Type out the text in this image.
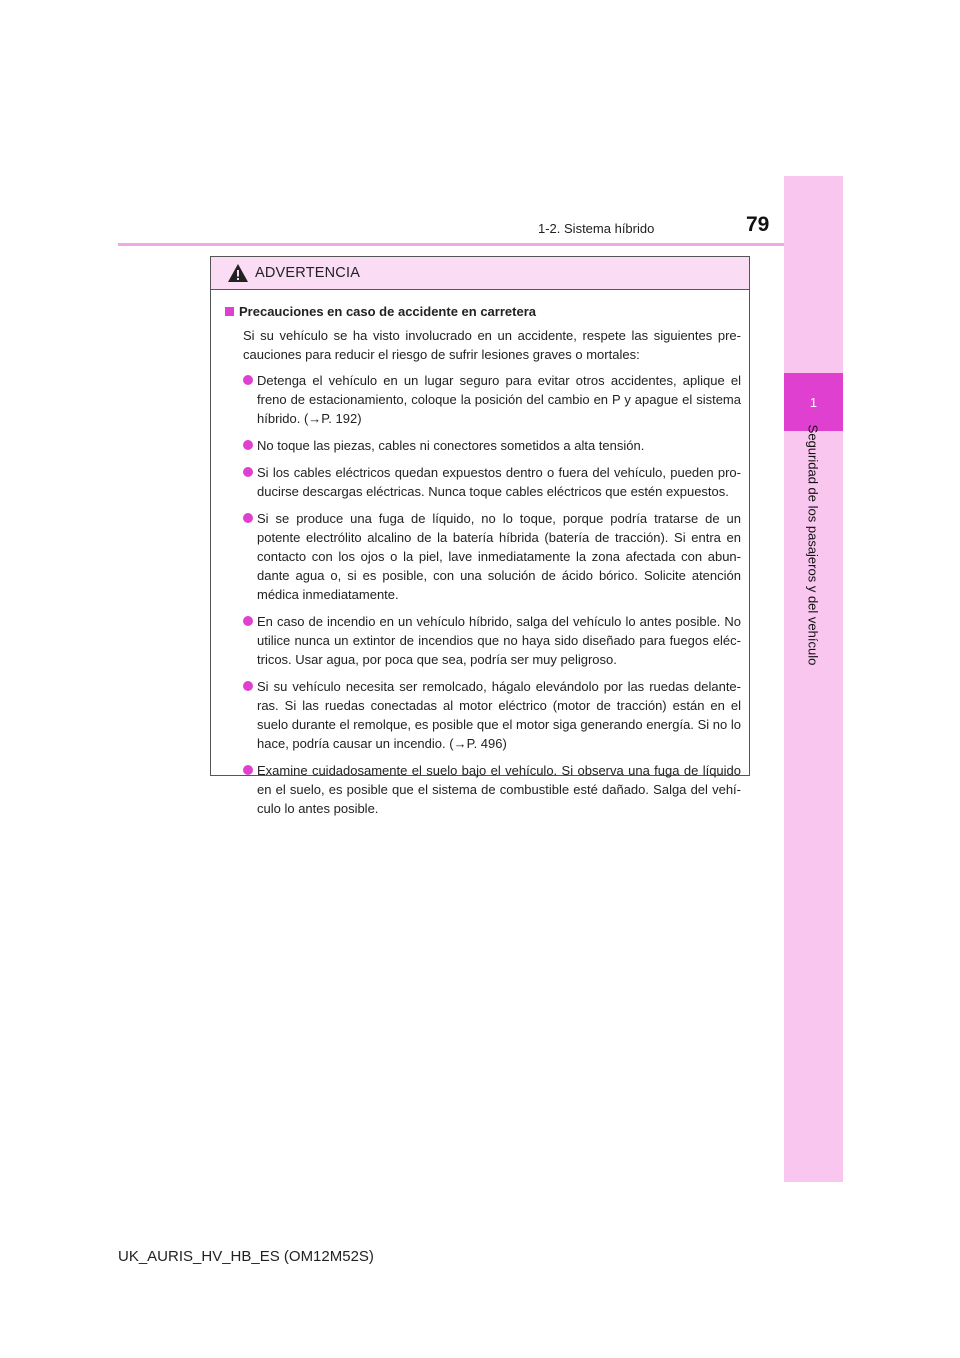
1
Seguridad de los pasajeros y del vehículo
1-2. Sistema híbrido	79
ADVERTENCIA
Precauciones en caso de accidente en carretera
Si su vehículo se ha visto involucrado en un accidente, respete las siguientes pre-cauciones para reducir el riesgo de sufrir lesiones graves o mortales:
Detenga el vehículo en un lugar seguro para evitar otros accidentes, aplique el freno de estacionamiento, coloque la posición del cambio en P y apague el sistema híbrido. (→P. 192)
No toque las piezas, cables ni conectores sometidos a alta tensión.
Si los cables eléctricos quedan expuestos dentro o fuera del vehículo, pueden pro-ducirse descargas eléctricas. Nunca toque cables eléctricos que estén expuestos.
Si se produce una fuga de líquido, no lo toque, porque podría tratarse de un potente electrólito alcalino de la batería híbrida (batería de tracción). Si entra en contacto con los ojos o la piel, lave inmediatamente la zona afectada con abun-dante agua o, si es posible, con una solución de ácido bórico. Solicite atención médica inmediatamente.
En caso de incendio en un vehículo híbrido, salga del vehículo lo antes posible. No utilice nunca un extintor de incendios que no haya sido diseñado para fuegos eléc-tricos. Usar agua, por poca que sea, podría ser muy peligroso.
Si su vehículo necesita ser remolcado, hágalo elevándolo por las ruedas delante-ras. Si las ruedas conectadas al motor eléctrico (motor de tracción) están en el suelo durante el remolque, es posible que el motor siga generando energía. Si no lo hace, podría causar un incendio. (→P. 496)
Examine cuidadosamente el suelo bajo el vehículo. Si observa una fuga de líquido en el suelo, es posible que el sistema de combustible esté dañado. Salga del vehí-culo lo antes posible.
UK_AURIS_HV_HB_ES (OM12M52S)
